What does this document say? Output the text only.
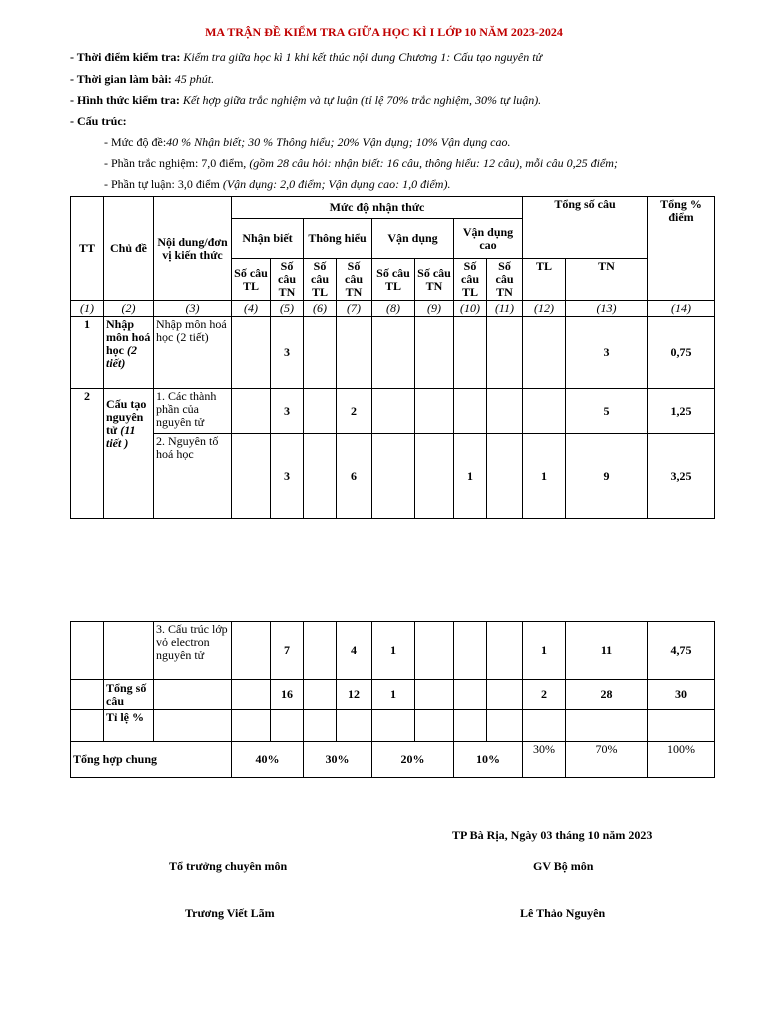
MA TRẬN ĐỀ KIỂM TRA GIỮA HỌC KÌ I LỚP 10 NĂM 2023-2024
- Thời điểm kiểm tra: Kiểm tra giữa học kì 1 khi kết thúc nội dung Chương 1: Cấu tạo nguyên tử
- Thời gian làm bài: 45 phút.
- Hình thức kiểm tra: Kết hợp giữa trắc nghiệm và tự luận (tỉ lệ 70% trắc nghiệm, 30% tự luận).
- Cấu trúc:
- Mức độ đề:40 % Nhận biết; 30 % Thông hiểu; 20% Vận dụng; 10% Vận dụng cao.
- Phần trắc nghiệm: 7,0 điểm, (gồm 28 câu hỏi: nhận biết: 16 câu, thông hiểu: 12 câu), mỗi câu 0,25 điểm;
- Phần tự luận: 3,0 điểm (Vận dụng: 2,0 điểm; Vận dụng cao: 1,0 điểm).
TT	Chủ đề	Nội dung/đơn vị kiến thức	Mức độ nhận thức								Tổng số câu		Tổng % điểm
			Nhận biết		Thông hiểu		Vận dụng		Vận dụng cao				
			Số câu TL	Số câu TN	Số câu TL	Số câu TN	Số câu TL	Số câu TN	Số câu TL	Số câu TN	TL	TN	
(1)	(2)	(3)	(4)	(5)	(6)	(7)	(8)	(9)	(10)	(11)	(12)	(13)	(14)
1	Nhập môn hoá học (2 tiết)	Nhập môn hoá học (2 tiết)		3								3	0,75
2	Cấu tạo nguyên tử (11 tiết )	1. Các thành phần của nguyên tử		3		2						5	1,25
		2. Nguyên tố hoá học		3		6			1		1	9	3,25
		3. Cấu trúc lớp vỏ electron nguyên tử		7		4	1				1	11	4,75
	Tổng số câu			16		12	1				2	28	30
	Tỉ lệ %												
Tổng hợp chung			40%		30%		20%		10%		30%	70%	100%
TP Bà Rịa, Ngày 03 tháng 10 năm 2023
Tổ trưởng chuyên môn	GV Bộ môn
Trương Viết Lãm	Lê Thảo Nguyên
